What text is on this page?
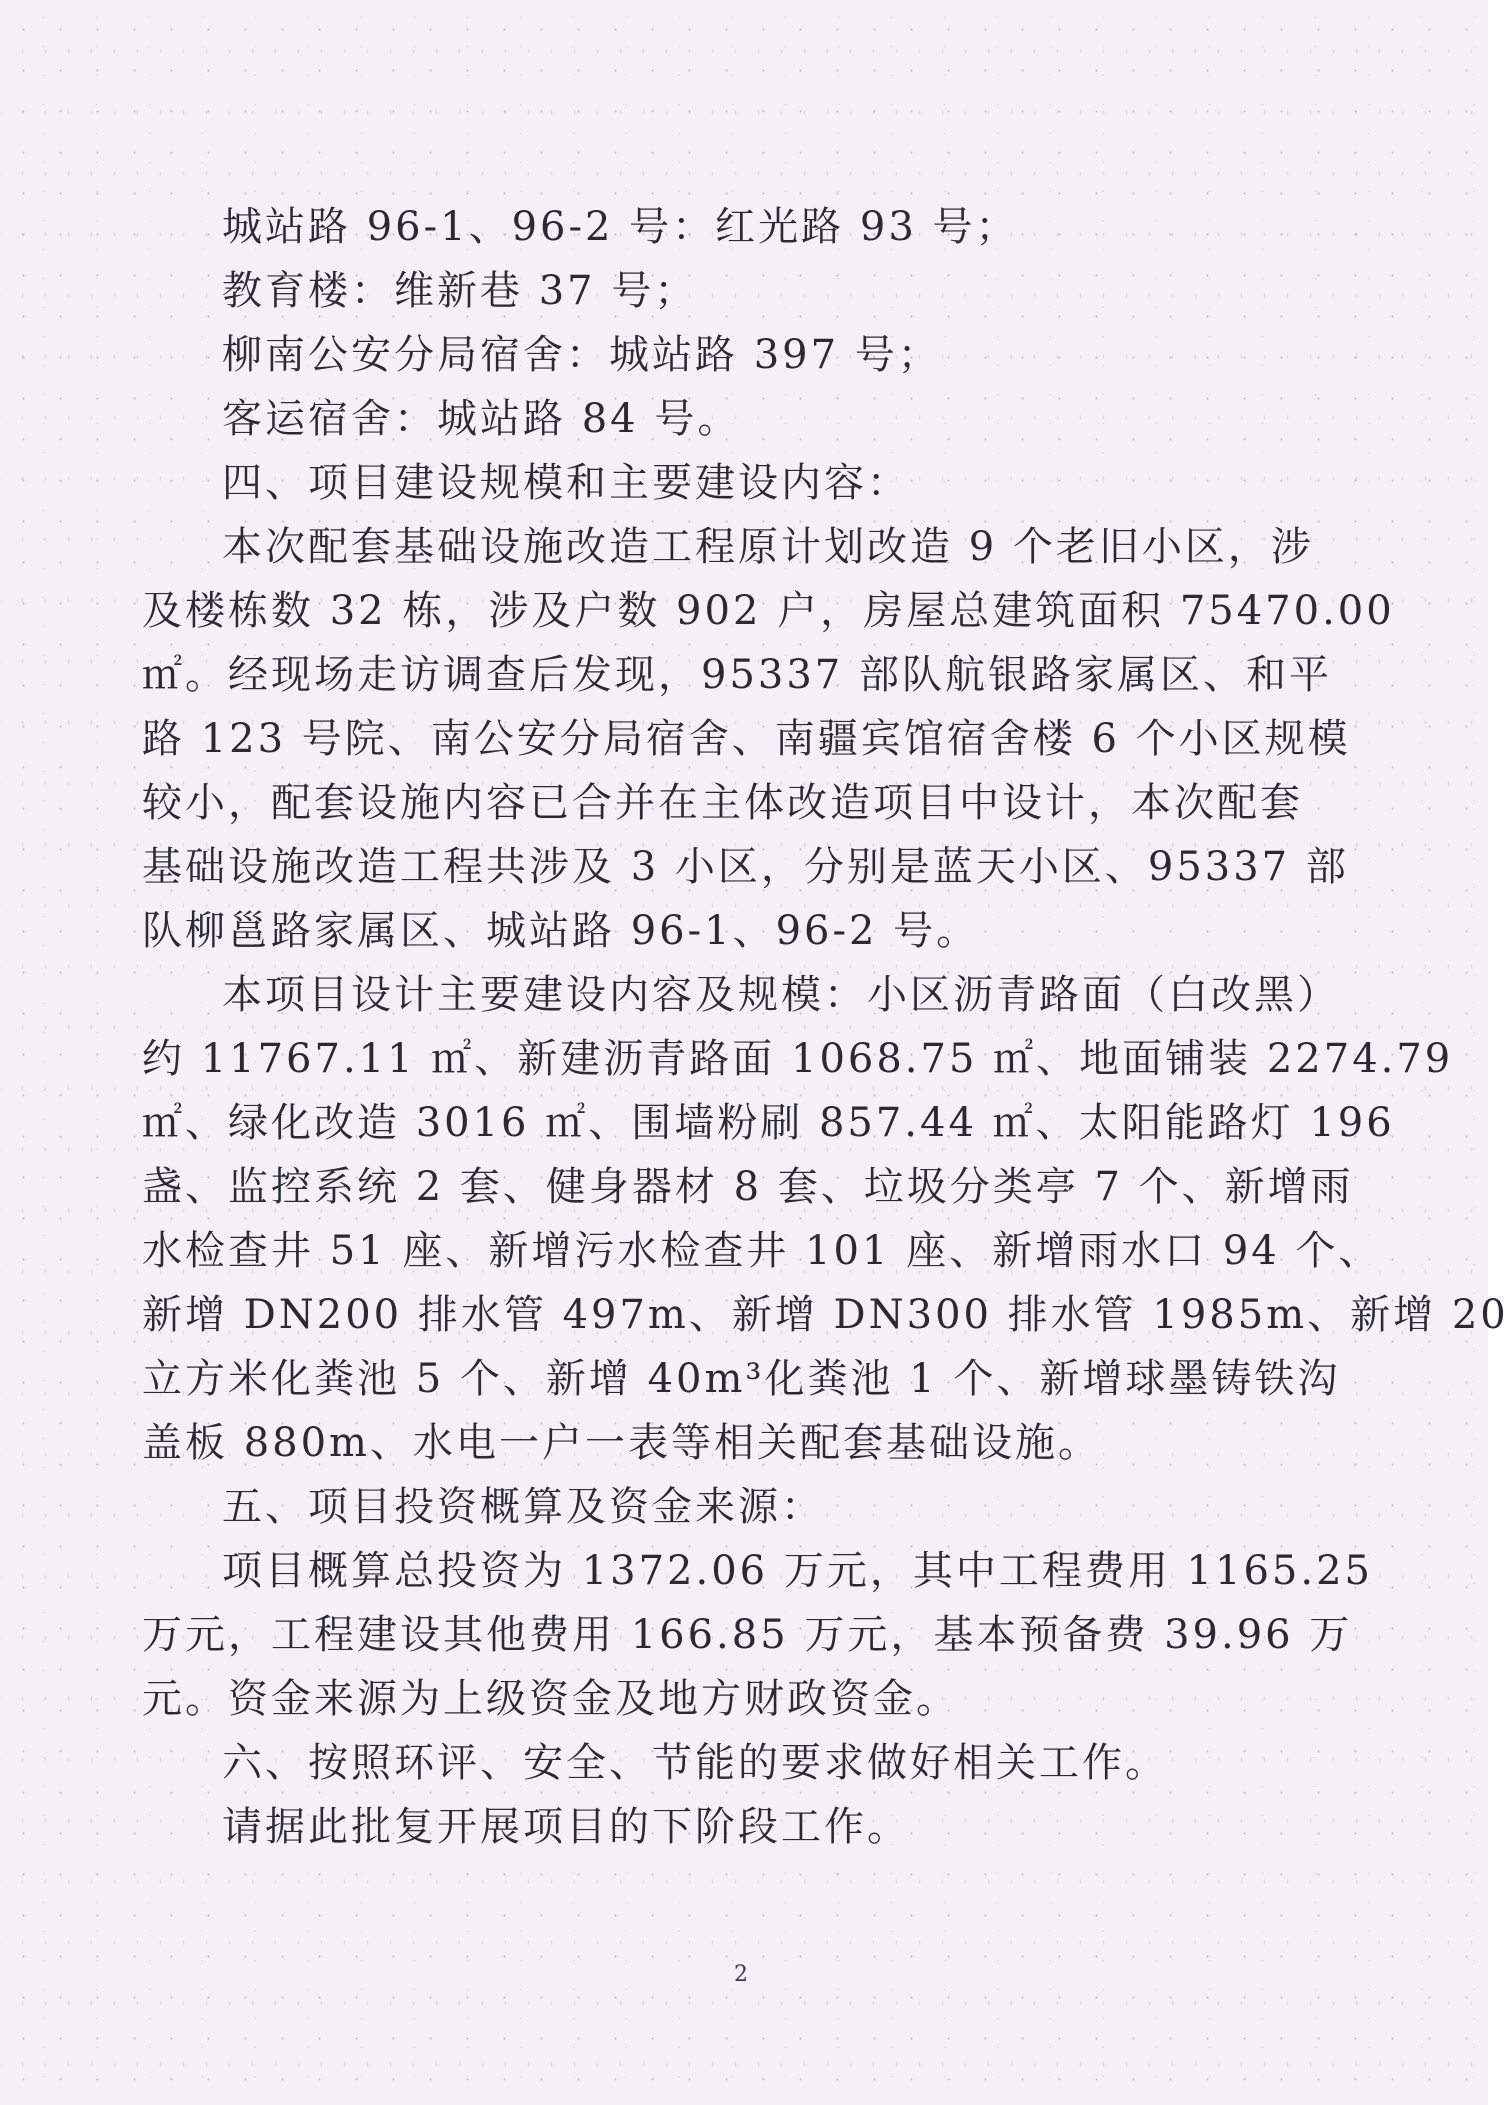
城站路 96-1、96-2 号：红光路 93 号；

教育楼：维新巷 37 号；

柳南公安分局宿舍：城站路 397 号；

客运宿舍：城站路 84 号。

四、项目建设规模和主要建设内容：

本次配套基础设施改造工程原计划改造 9 个老旧小区，涉

及楼栋数 32 栋，涉及户数 902 户，房屋总建筑面积 75470.00

㎡。经现场走访调查后发现，95337 部队航银路家属区、和平

路 123 号院、南公安分局宿舍、南疆宾馆宿舍楼 6 个小区规模

较小，配套设施内容已合并在主体改造项目中设计，本次配套

基础设施改造工程共涉及 3 小区，分别是蓝天小区、95337 部

队柳邕路家属区、城站路 96-1、96-2 号。

本项目设计主要建设内容及规模：小区沥青路面（白改黑）

约 11767.11 ㎡、新建沥青路面 1068.75 ㎡、地面铺装 2274.79

㎡、绿化改造 3016 ㎡、围墙粉刷 857.44 ㎡、太阳能路灯 196

盏、监控系统 2 套、健身器材 8 套、垃圾分类亭 7 个、新增雨

水检查井 51 座、新增污水检查井 101 座、新增雨水口 94 个、

新增 DN200 排水管 497m、新增 DN300 排水管 1985m、新增 20

立方米化粪池 5 个、新增 40m³化粪池 1 个、新增球墨铸铁沟

盖板 880m、水电一户一表等相关配套基础设施。

五、项目投资概算及资金来源：

项目概算总投资为 1372.06 万元，其中工程费用 1165.25

万元，工程建设其他费用 166.85 万元，基本预备费 39.96 万

元。资金来源为上级资金及地方财政资金。

六、按照环评、安全、节能的要求做好相关工作。

请据此批复开展项目的下阶段工作。

2
